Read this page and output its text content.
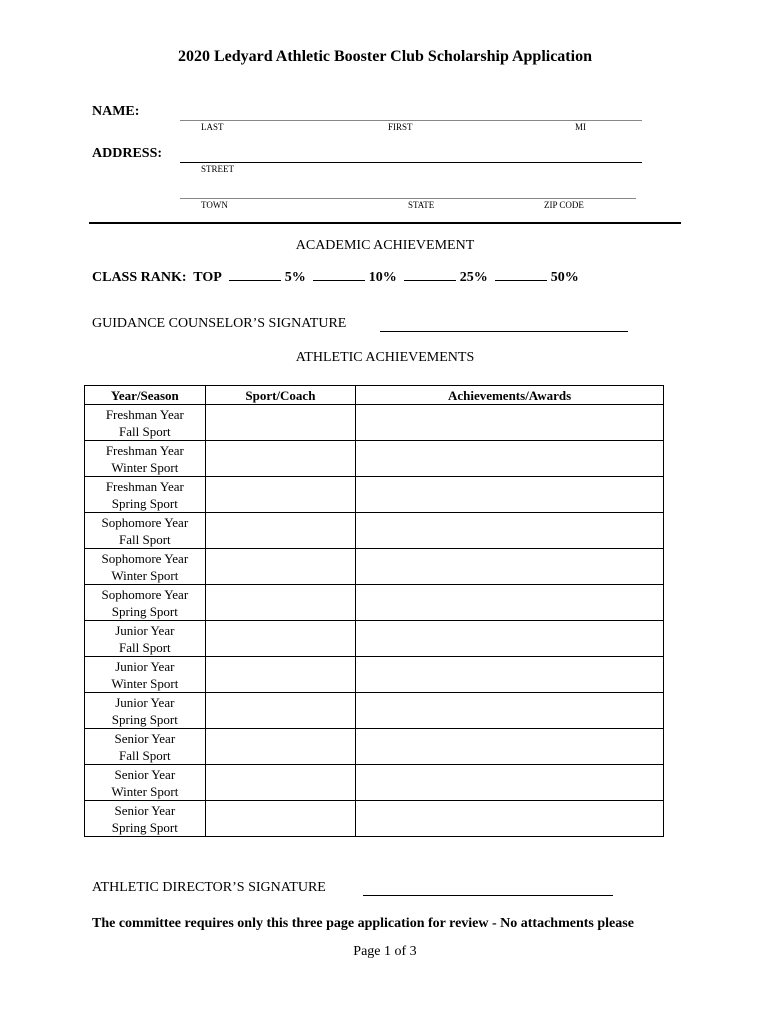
2020 Ledyard Athletic Booster Club Scholarship Application
NAME:
LAST	FIRST	MI
ADDRESS:
STREET
TOWN	STATE	ZIP CODE
ACADEMIC ACHIEVEMENT
CLASS RANK: TOP	5%	10%	25%	50%
GUIDANCE COUNSELOR’S SIGNATURE
ATHLETIC ACHIEVEMENTS
Year/Season	Sport/Coach	Achievements/Awards

Freshman Year
Fall Sport		

Freshman Year
Winter Sport		

Freshman Year
Spring Sport		

Sophomore Year
Fall Sport		

Sophomore Year
Winter Sport		

Sophomore Year
Spring Sport		

Junior Year
Fall Sport		

Junior Year
Winter Sport		

Junior Year
Spring Sport		

Senior Year
Fall Sport		

Senior Year
Winter Sport		

Senior Year
Spring Sport		

ATHLETIC DIRECTOR’S SIGNATURE
The committee requires only this three page application for review - No attachments please
Page 1 of 3
